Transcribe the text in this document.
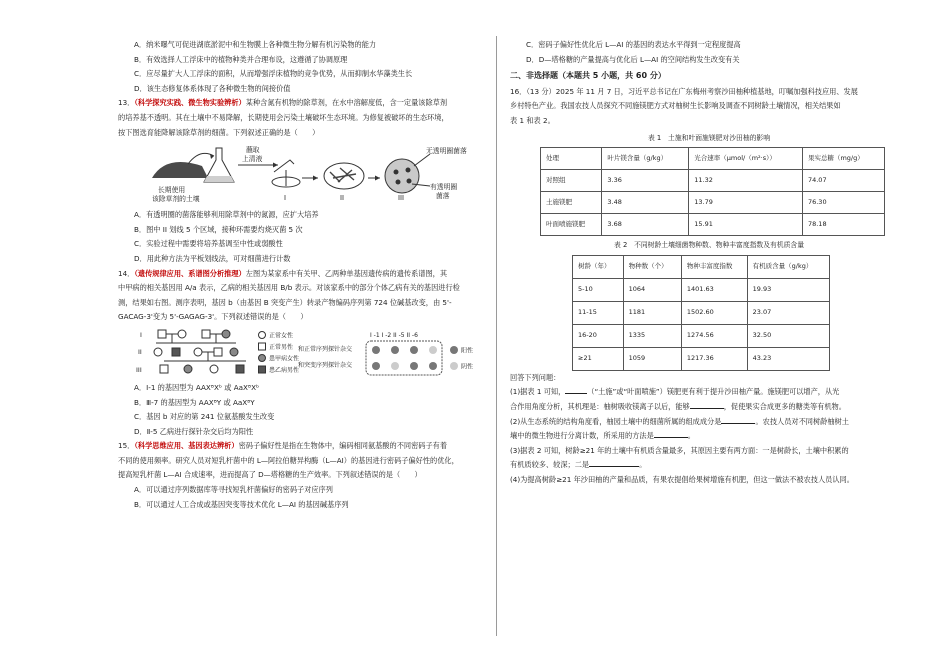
A．纳米曝气可促进湖底淤泥中和生物膜上各种微生物分解有机污染物的能力

B．有效选择人工浮床中的植物种类并合理布设，这遵循了协调原理

C．应尽量扩大人工浮床的面积，从而增强浮床植物的竞争优势，从而抑制水华藻类生长

D．该生态修复体系体现了各种微生物的间接价值

13．（科学探究实践、微生物实验辨析）某种含氮有机物的除草剂，在水中溶解度低，含一定量该除草剂

的培养基不透明。其在土壤中不易降解，长期使用会污染土壤破坏生态环境。为修复被破坏的生态环境，

按下图选育能降解该除草剂的细菌。下列叙述正确的是（　　）

长期使用
该除草剂的土壤
蘸取
上清液
I	II	III
无透明圈菌落
有透明圈
菌落

A．有透明圈的菌落能够利用除草剂中的氮源，应扩大培养

B．图中 II 划线 5 个区域，接种环需要灼烧灭菌 5 次

C．实验过程中需要将培养基调至中性或弱酸性

D．用此种方法为平板划线法，可对细菌进行计数

14．（遗传规律应用、系谱图分析推理）左图为某家系中有关甲、乙两种单基因遗传病的遗传系谱图，其

中甲病的相关基因用 A/a 表示，乙病的相关基因用 B/b 表示。对该家系中的部分个体乙病有关的基因进行检

测，结果如右图。测序表明，基因 b（由基因 B 突变产生）转录产物编码序列第 724 位碱基改变，由 5'-

GACAG-3'变为 5'-GAGAG-3'。下列叙述错误的是（　　）

I
II
III
正常女性
正常男性
患甲病女性
患乙病男性
I -1 I -2 II -5 II -6
和正常序列探针杂交
和突变序列探针杂交
阳性
阴性

A．Ⅰ-1 的基因型为 AAXᴮXᵇ 或 AaXᴮXᵇ

B．Ⅲ-7 的基因型为 AAXᴮY 或 AaXᴮY

C．基因 b 对应的第 241 位氨基酸发生改变

D．Ⅱ-5 乙病进行探针杂交后均为阳性

15．（科学思维应用、基因表达辨析）密码子偏好性是指在生物体中，编码相同氨基酸的不同密码子有着

不同的使用频率。研究人员对短乳杆菌中的 L—阿拉伯糖异构酶（L—AI）的基因进行密码子偏好性的优化，

提高短乳杆菌 L—AI 合成速率，进而提高了 D—塔格糖的生产效率。下列叙述错误的是（　　）

A．可以通过序列数据库等寻找短乳杆菌偏好的密码子对应序列

B．可以通过人工合成或基因突变等技术优化 L—AI 的基因碱基序列

C．密码子偏好性优化后 L—AI 的基因的表达水平得到一定程度提高

D．D—塔格糖的产量提高与优化后 L—AI 的空间结构发生改变有关

二、非选择题（本题共 5 小题，共 60 分）

16．（13 分）2025 年 11 月 7 日，习近平总书记在广东梅州考察沙田柚种植基地，叮嘱加强科技应用、发展

乡村特色产业。我国农技人员探究不同施镁肥方式对柚树生长影响及调查不同树龄土壤情况，相关结果如

表 1 和表 2。

表 1　土施和叶面施镁肥对沙田柚的影响

处理	叶片镁含量（g/kg）	光合速率（μmol/（m²·s））	果实总糖（mg/g）
对照组	3.36	11.32	74.07
土施镁肥	3.48	13.79	76.30
叶面喷施镁肥	3.68	15.91	78.18

表 2　不同树龄土壤细菌物种数、物种丰富度指数及有机质含量

树龄（年）	物种数（个）	物种丰富度指数	有机质含量（g/kg）
5-10	1064	1401.63	19.93
11-15	1181	1502.60	23.07
16-20	1335	1274.56	32.50
≥21	1059	1217.36	43.23

回答下列问题：

(1)据表 1 可知，	（“土施”或“叶面喷施”）镁肥更有利于提升沙田柚产量。施镁肥可以增产，从光

合作用角度分析，其机理是：柚树吸收镁离子以后，能够	，促使果实合成更多的糖类等有机物。

(2)从生态系统的结构角度看，柚园土壤中的细菌所属的组成成分是	。农技人员对不同树龄柚树土

壤中的微生物进行分离计数，所采用的方法是	。

(3)据表 2 可知，树龄≥21 年的土壤中有机质含量最多，其原因主要有两方面：一是树龄长，土壤中积累的

有机质较多、较深；二是	。

(4)为提高树龄≥21 年沙田柚的产量和品质，有果农提倡给果树增施有机肥，但这一做法不被农技人员认同。
